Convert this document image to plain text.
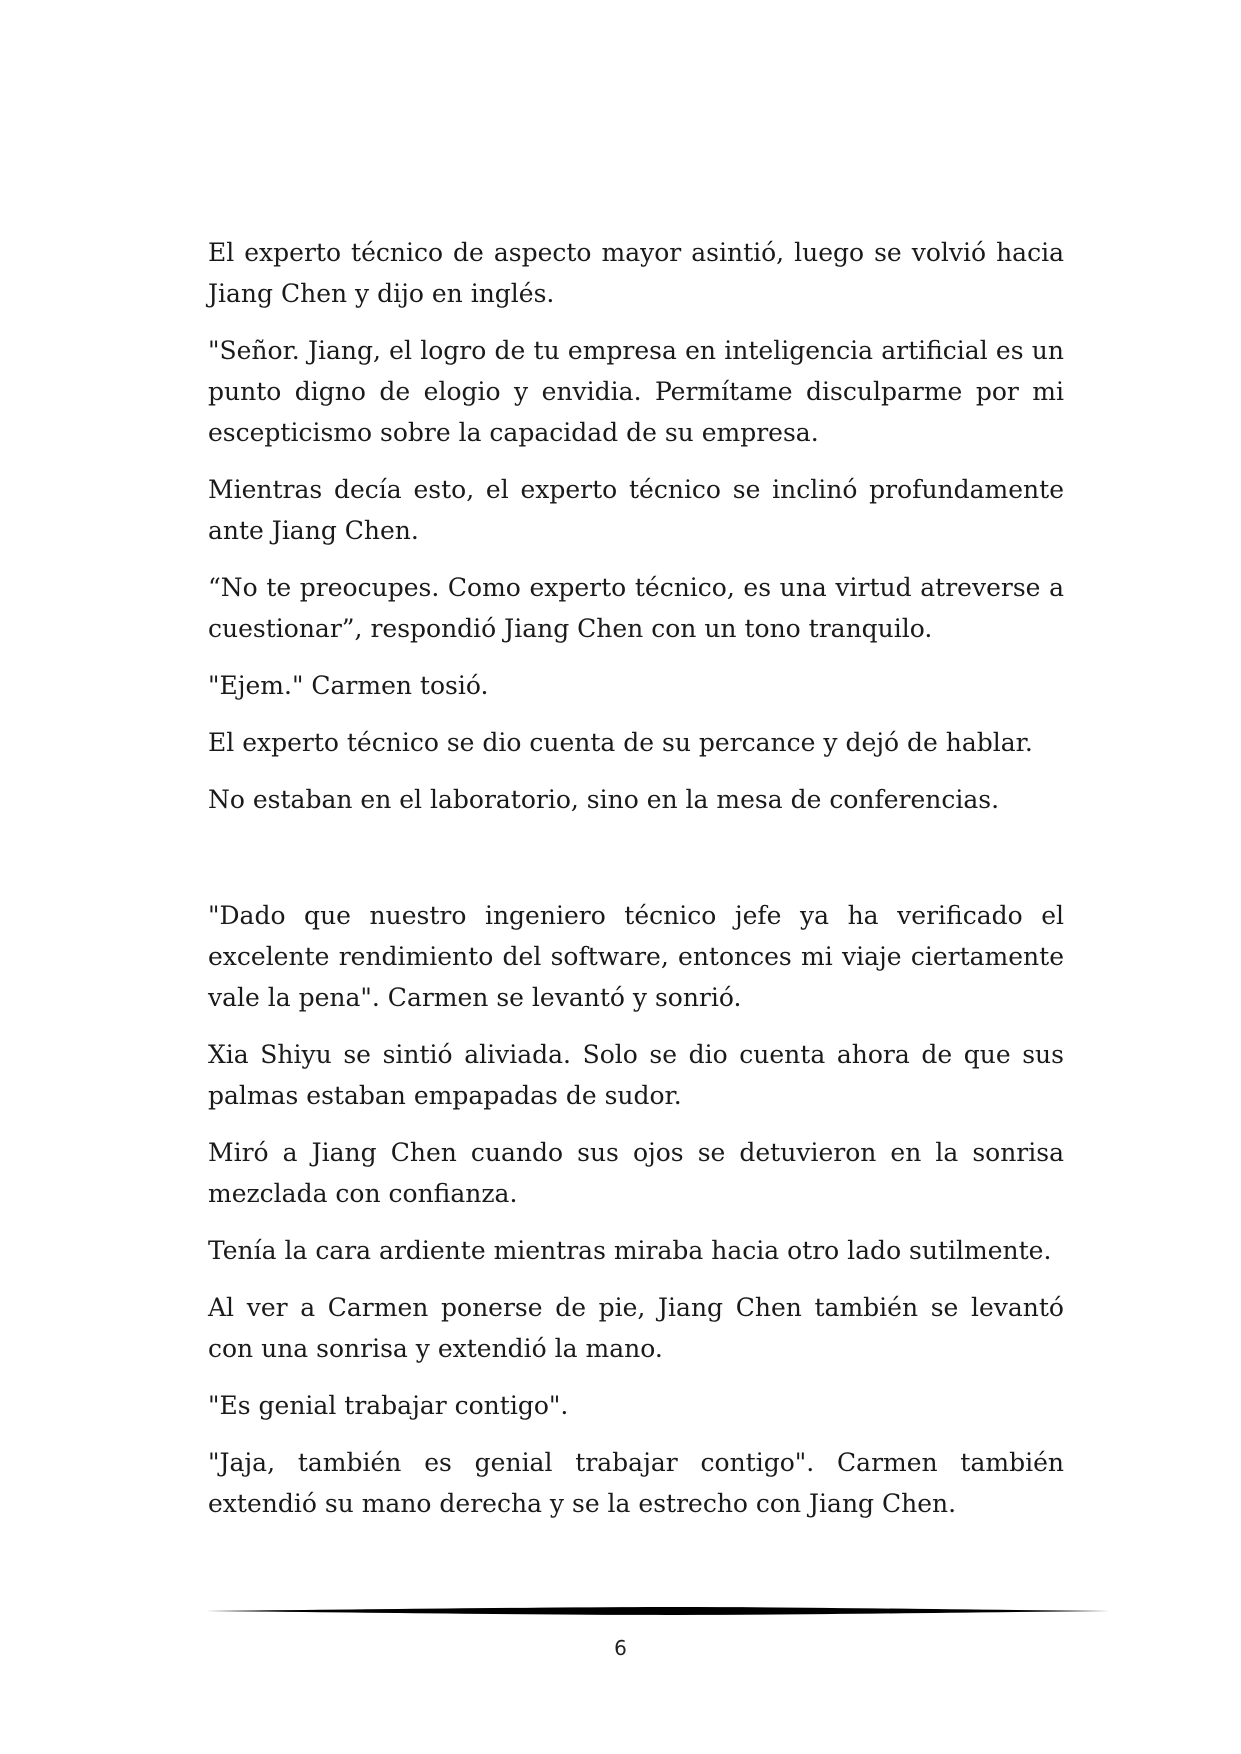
El experto técnico de aspecto mayor asintió, luego se volvió hacia Jiang Chen y dijo en inglés.

"Señor. Jiang, el logro de tu empresa en inteligencia artificial es un punto digno de elogio y envidia. Permítame disculparme por mi escepticismo sobre la capacidad de su empresa.

Mientras decía esto, el experto técnico se inclinó profundamente ante Jiang Chen.

“No te preocupes. Como experto técnico, es una virtud atreverse a cuestionar”, respondió Jiang Chen con un tono tranquilo.

"Ejem." Carmen tosió.

El experto técnico se dio cuenta de su percance y dejó de hablar.

No estaban en el laboratorio, sino en la mesa de conferencias.

"Dado que nuestro ingeniero técnico jefe ya ha verificado el excelente rendimiento del software, entonces mi viaje ciertamente vale la pena". Carmen se levantó y sonrió.

Xia Shiyu se sintió aliviada. Solo se dio cuenta ahora de que sus palmas estaban empapadas de sudor.

Miró a Jiang Chen cuando sus ojos se detuvieron en la sonrisa mezclada con confianza.

Tenía la cara ardiente mientras miraba hacia otro lado sutilmente.

Al ver a Carmen ponerse de pie, Jiang Chen también se levantó con una sonrisa y extendió la mano.

"Es genial trabajar contigo".

"Jaja, también es genial trabajar contigo". Carmen también extendió su mano derecha y se la estrecho con Jiang Chen.

6
